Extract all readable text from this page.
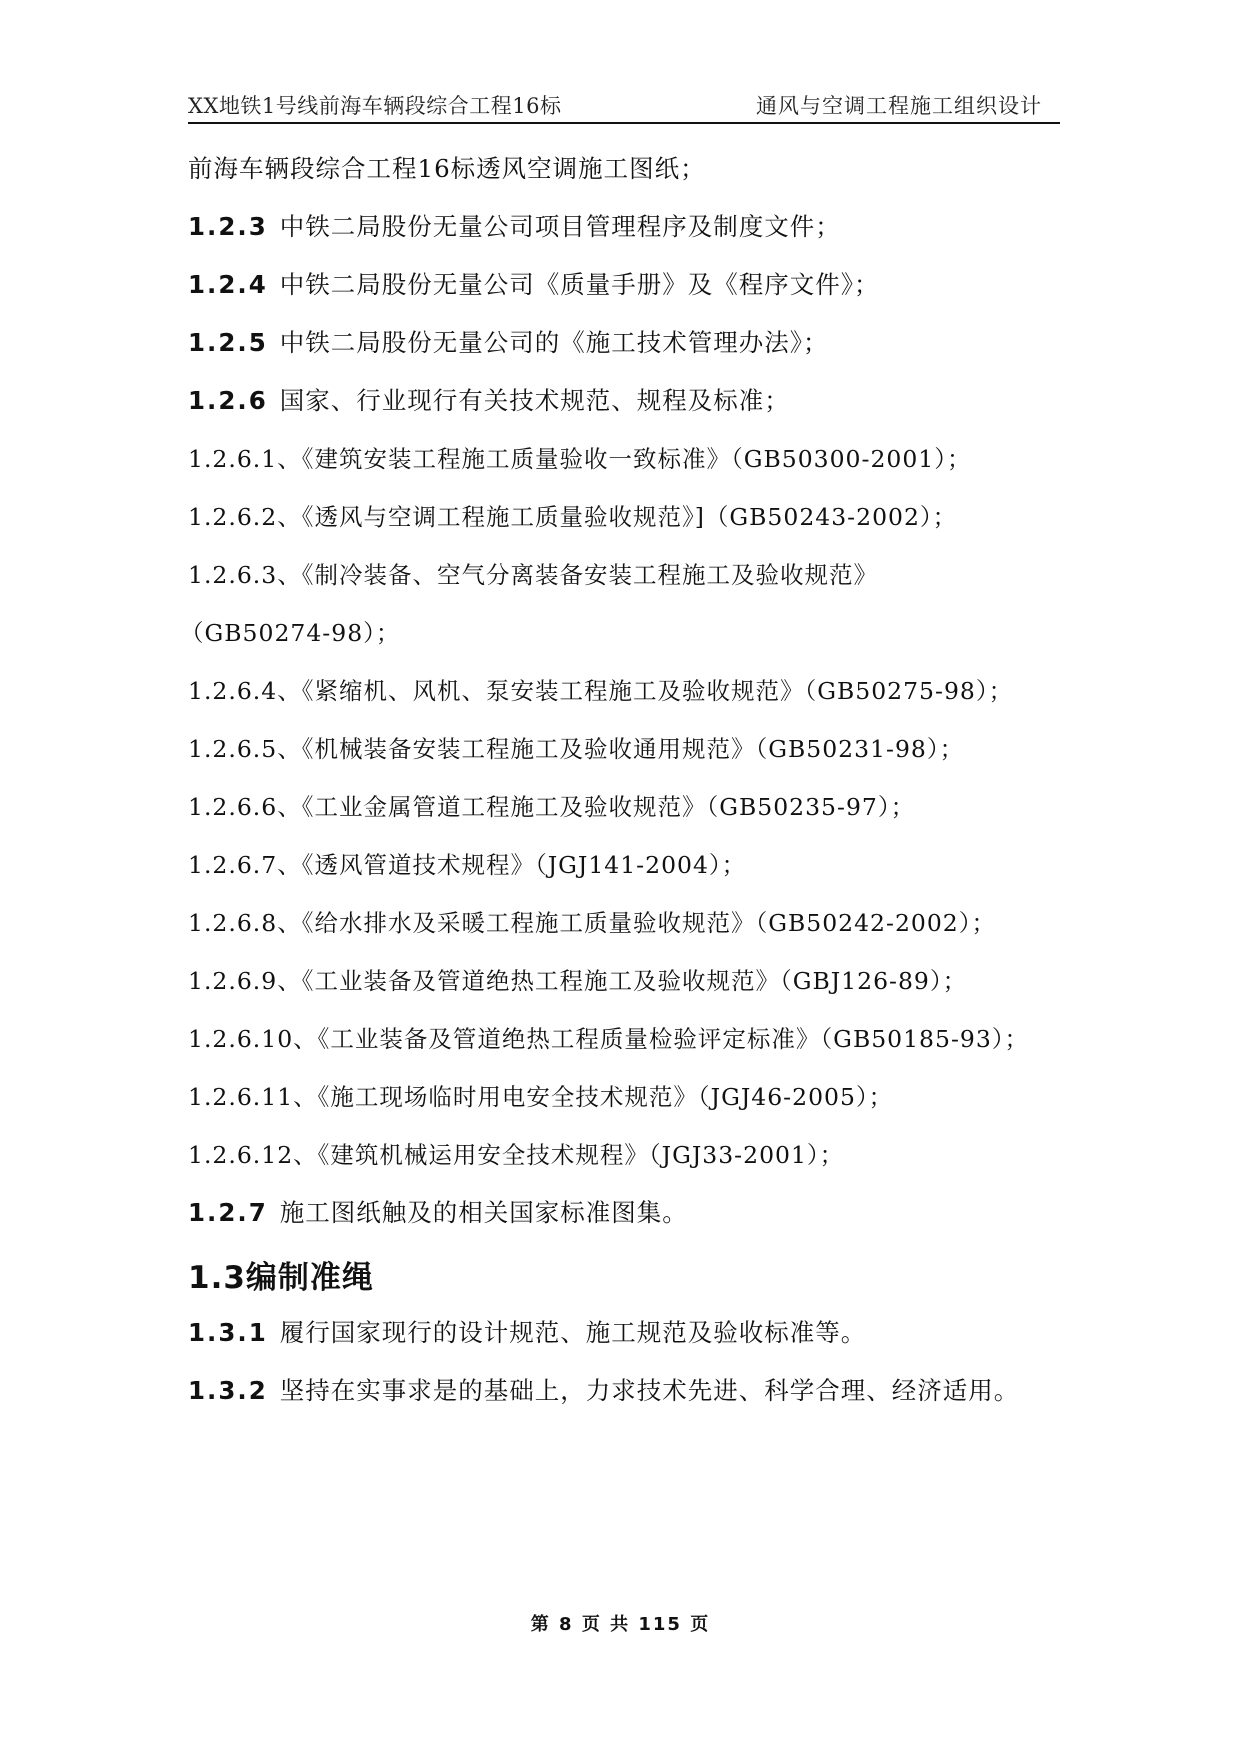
XX地铁1号线前海车辆段综合工程16标	通风与空调工程施工组织设计
前海车辆段综合工程16标透风空调施工图纸；
1.2.3 中铁二局股份无量公司项目管理程序及制度文件；
1.2.4 中铁二局股份无量公司《质量手册》及《程序文件》；
1.2.5 中铁二局股份无量公司的《施工技术管理办法》；
1.2.6 国家、行业现行有关技术规范、规程及标准；
1.2.6.1、《建筑安装工程施工质量验收一致标准》（GB50300-2001）；
1.2.6.2、《透风与空调工程施工质量验收规范》]（GB50243-2002）；
1.2.6.3、《制冷装备、空气分离装备安装工程施工及验收规范》
（GB50274-98）；
1.2.6.4、《紧缩机、风机、泵安装工程施工及验收规范》（GB50275-98）；
1.2.6.5、《机械装备安装工程施工及验收通用规范》（GB50231-98）；
1.2.6.6、《工业金属管道工程施工及验收规范》（GB50235-97）；
1.2.6.7、《透风管道技术规程》（JGJ141-2004）；
1.2.6.8、《给水排水及采暖工程施工质量验收规范》（GB50242-2002）；
1.2.6.9、《工业装备及管道绝热工程施工及验收规范》（GBJ126-89）；
1.2.6.10、《工业装备及管道绝热工程质量检验评定标准》（GB50185-93）；
1.2.6.11、《施工现场临时用电安全技术规范》（JGJ46-2005）；
1.2.6.12、《建筑机械运用安全技术规程》（JGJ33-2001）；
1.2.7 施工图纸触及的相关国家标准图集。
1.3编制准绳
1.3.1 履行国家现行的设计规范、施工规范及验收标准等。
1.3.2 坚持在实事求是的基础上，力求技术先进、科学合理、经济适用。
第 8 页 共 115 页
